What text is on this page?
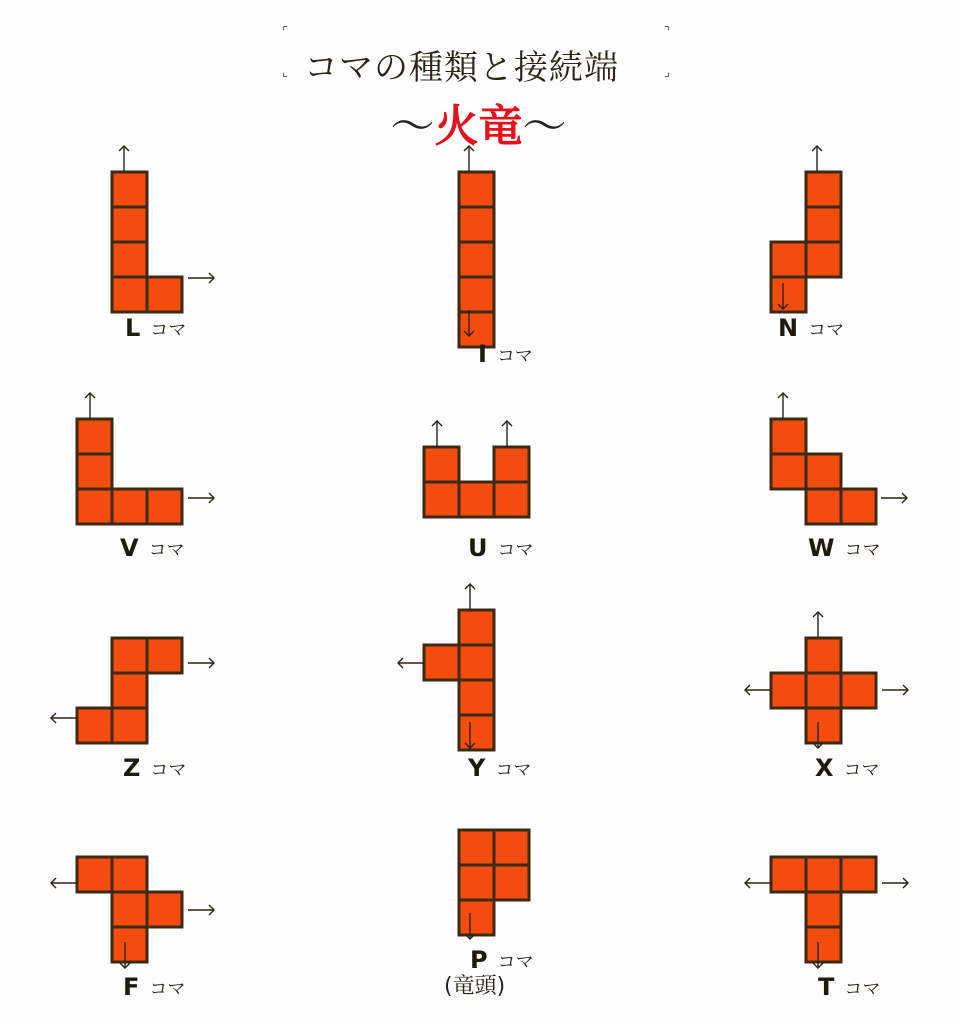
⌜
⌞
⌝
⌟
コマの種類と接続端
〜火竜〜
L コマ
I コマ
N コマ
V コマ	U コマ	W コマ
Z コマ	Y コマ	X コマ
F コマ
P コマ
(竜頭)	T コマ
